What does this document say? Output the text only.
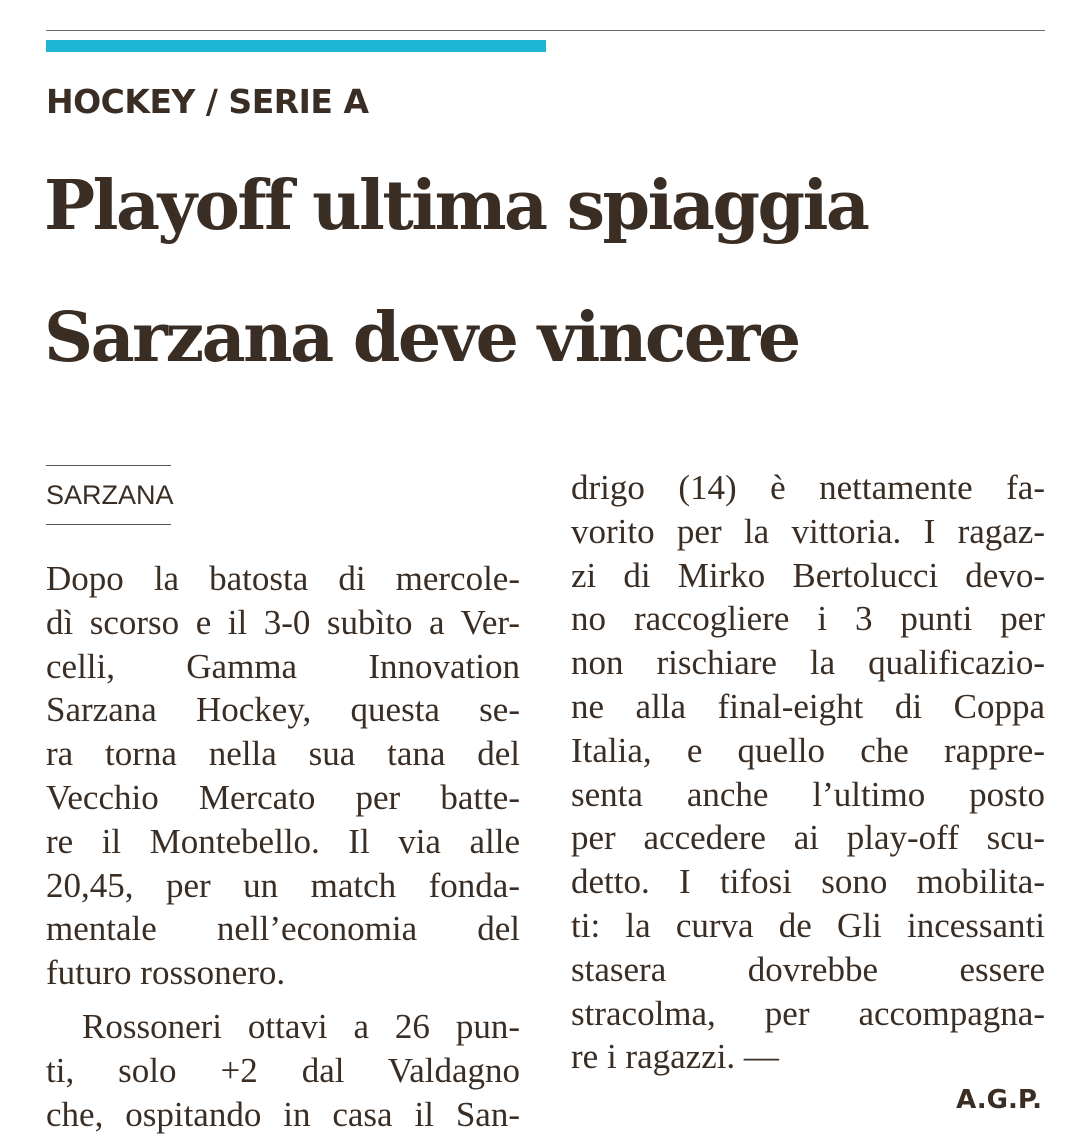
HOCKEY / SERIE A
Playoff ultima spiaggia
Sarzana deve vincere
SARZANA
Dopo la batosta di mercole-
dì scorso e il 3-0 subìto a Ver-
celli, Gamma Innovation
Sarzana Hockey, questa se-
ra torna nella sua tana del
Vecchio Mercato per batte-
re il Montebello. Il via alle
20,45, per un match fonda-
mentale nell’economia del
futuro rossonero.
Rossoneri ottavi a 26 pun-
ti, solo +2 dal Valdagno
che, ospitando in casa il San-
drigo (14) è nettamente fa-
vorito per la vittoria. I ragaz-
zi di Mirko Bertolucci devo-
no raccogliere i 3 punti per
non rischiare la qualificazio-
ne alla final-eight di Coppa
Italia, e quello che rappre-
senta anche l’ultimo posto
per accedere ai play-off scu-
detto. I tifosi sono mobilita-
ti: la curva de Gli incessanti
stasera dovrebbe essere
stracolma, per accompagna-
re i ragazzi. —
A.G.P.
